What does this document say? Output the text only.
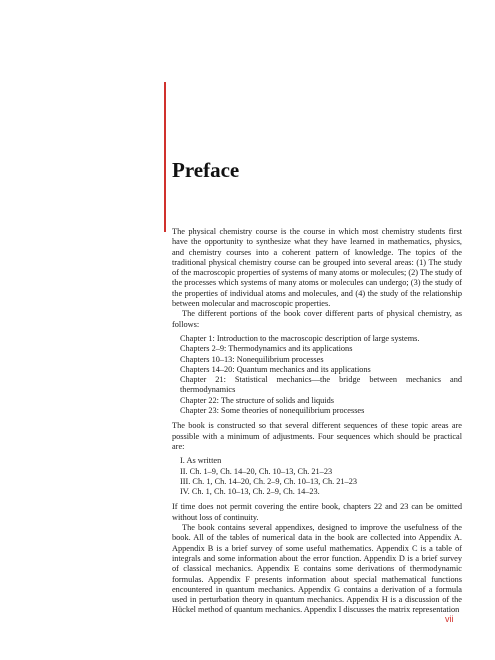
Preface

The physical chemistry course is the course in which most chemistry students first have the opportunity to synthesize what they have learned in mathematics, physics, and chemistry courses into a coherent pattern of knowledge. The topics of the traditional physical chemistry course can be grouped into several areas: (1) The study of the macroscopic properties of systems of many atoms or molecules; (2) The study of the processes which systems of many atoms or molecules can undergo; (3) the study of the properties of individual atoms and molecules, and (4) the study of the relationship between molecular and macroscopic properties.

The different portions of the book cover different parts of physical chemistry, as follows:

Chapter 1: Introduction to the macroscopic description of large systems.

Chapters 2–9: Thermodynamics and its applications

Chapters 10–13: Nonequilibrium processes

Chapters 14–20: Quantum mechanics and its applications

Chapter 21: Statistical mechanics—the bridge between mechanics and thermodynamics

Chapter 22: The structure of solids and liquids

Chapter 23: Some theories of nonequilibrium processes

The book is constructed so that several different sequences of these topic areas are possible with a minimum of adjustments. Four sequences which should be practical are:

I. As written

II. Ch. 1–9, Ch. 14–20, Ch. 10–13, Ch. 21–23

III. Ch. 1, Ch. 14–20, Ch. 2–9, Ch. 10–13, Ch. 21–23

IV. Ch. 1, Ch. 10–13, Ch. 2–9, Ch. 14–23.

If time does not permit covering the entire book, chapters 22 and 23 can be omitted without loss of continuity.

The book contains several appendixes, designed to improve the usefulness of the book. All of the tables of numerical data in the book are collected into Appendix A. Appendix B is a brief survey of some useful mathematics. Appendix C is a table of integrals and some information about the error function. Appendix D is a brief survey of classical mechanics. Appendix E contains some derivations of thermodynamic formulas. Appendix F presents information about special mathematical functions encountered in quantum mechanics. Appendix G contains a derivation of a formula used in perturbation theory in quantum mechanics. Appendix H is a discussion of the Hückel method of quantum mechanics. Appendix I discusses the matrix representation

vii
